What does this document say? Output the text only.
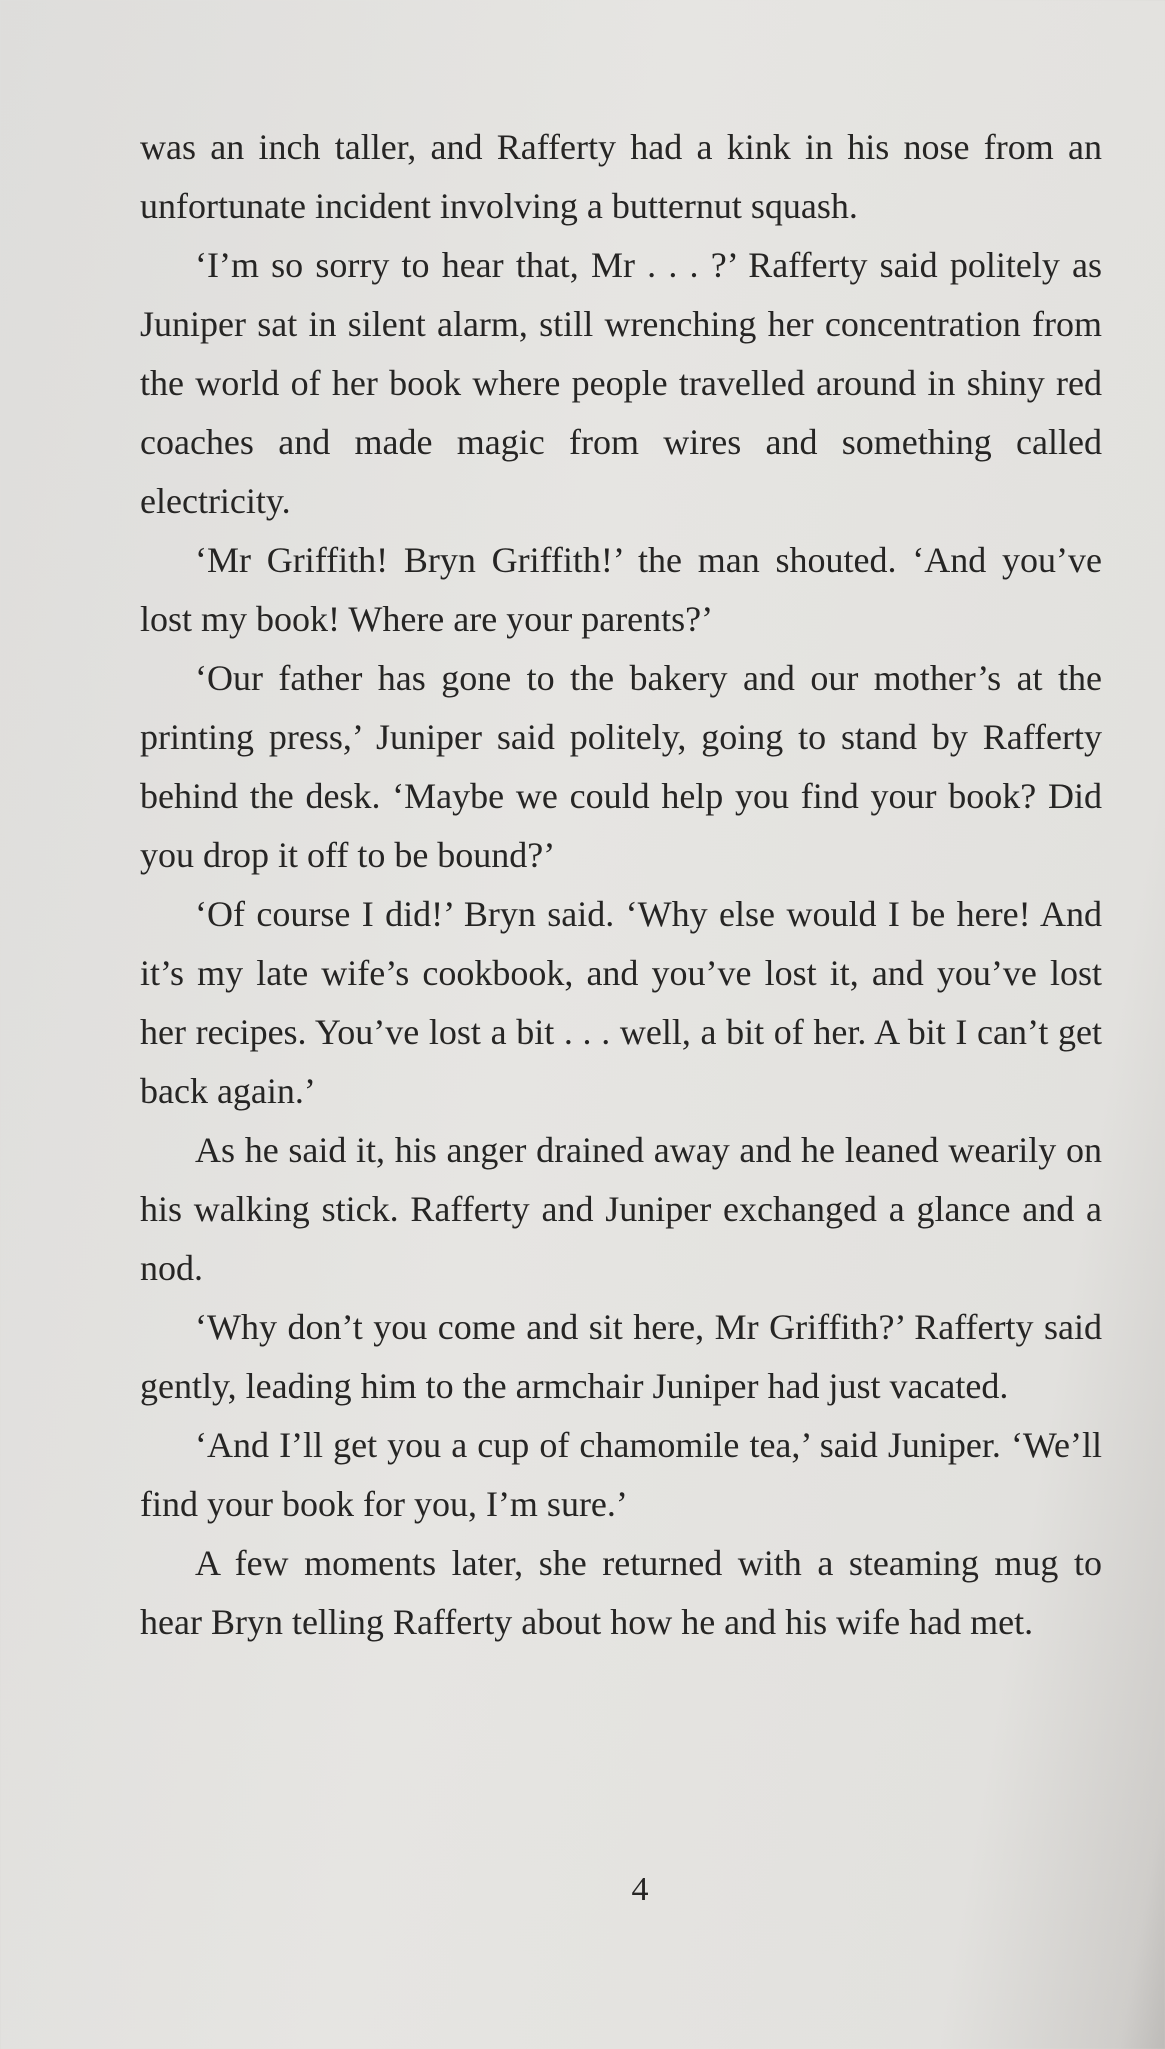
was an inch taller, and Rafferty had a kink in his nose from an unfortunate incident involving a butternut squash.

‘I’m so sorry to hear that, Mr . . . ?’ Rafferty said politely as Juniper sat in silent alarm, still wrenching her concentration from the world of her book where people travelled around in shiny red coaches and made magic from wires and something called electricity.

‘Mr Griffith! Bryn Griffith!’ the man shouted. ‘And you’ve lost my book! Where are your parents?’

‘Our father has gone to the bakery and our mother’s at the printing press,’ Juniper said politely, going to stand by Rafferty behind the desk. ‘Maybe we could help you find your book? Did you drop it off to be bound?’

‘Of course I did!’ Bryn said. ‘Why else would I be here! And it’s my late wife’s cookbook, and you’ve lost it, and you’ve lost her recipes. You’ve lost a bit . . . well, a bit of her. A bit I can’t get back again.’

As he said it, his anger drained away and he leaned wearily on his walking stick. Rafferty and Juniper exchanged a glance and a nod.

‘Why don’t you come and sit here, Mr Griffith?’ Rafferty said gently, leading him to the armchair Juniper had just vacated.

‘And I’ll get you a cup of chamomile tea,’ said Juniper. ‘We’ll find your book for you, I’m sure.’

A few moments later, she returned with a steaming mug to hear Bryn telling Rafferty about how he and his wife had met.

4
